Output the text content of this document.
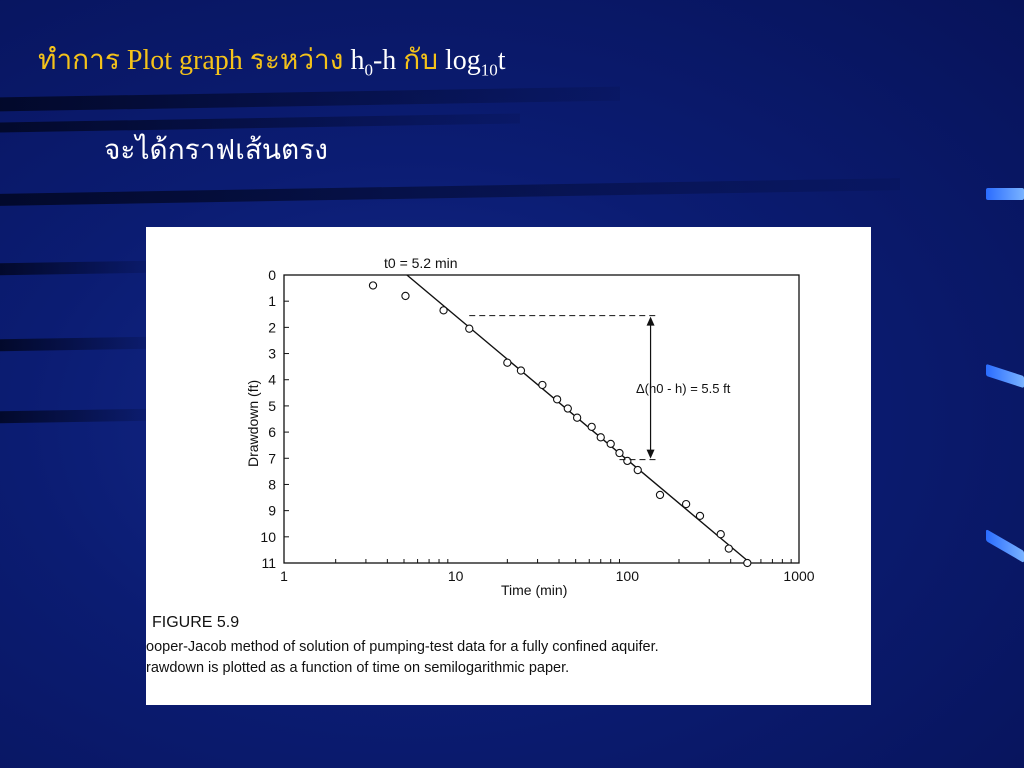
ทำการ Plot graph ระหว่าง $h_0-h$ กับ $\log_{10}t$
จะได้กราฟเส้นตรง
0
1
2
3
4
5
6
7
8
9
10
11
1	10	100	1000
t0 = 5.2 min
Δ(h0 - h) = 5.5 ft
Time (min)
Drawdown (ft)
FIGURE 5.9
ooper-Jacob method of solution of pumping-test data for a fully confined aquifer.
rawdown is plotted as a function of time on semilogarithmic paper.
